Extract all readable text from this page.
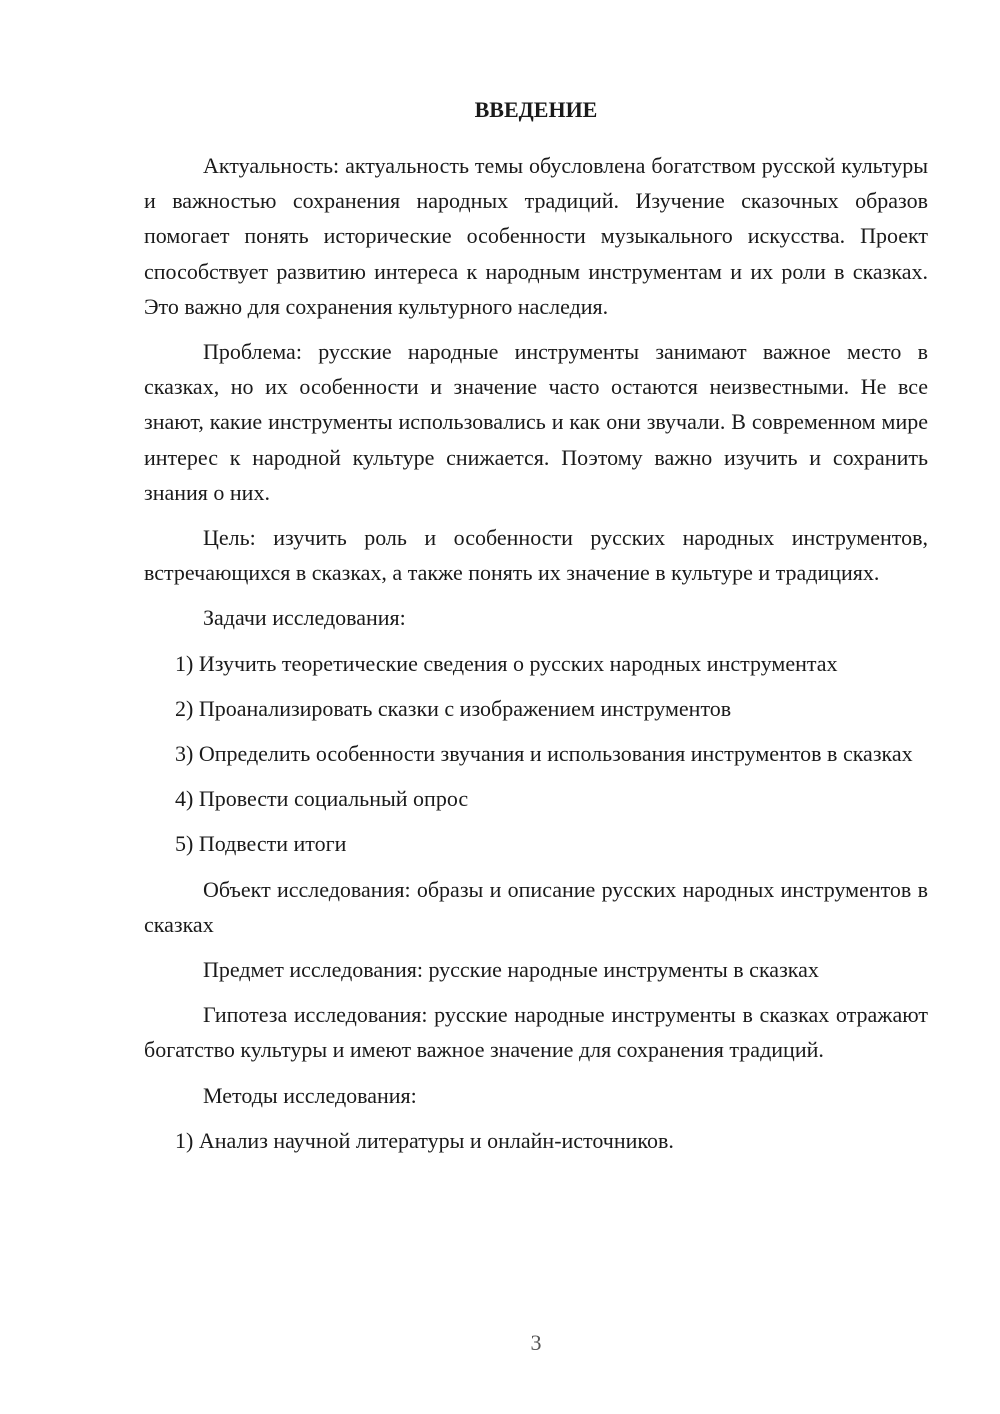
ВВЕДЕНИЕ
Актуальность: актуальность темы обусловлена богатством русской культуры и важностью сохранения народных традиций. Изучение сказочных образов помогает понять исторические особенности музыкального искусства. Проект способствует развитию интереса к народным инструментам и их роли в сказках. Это важно для сохранения культурного наследия.
Проблема: русские народные инструменты занимают важное место в сказках, но их особенности и значение часто остаются неизвестными. Не все знают, какие инструменты использовались и как они звучали. В современном мире интерес к народной культуре снижается. Поэтому важно изучить и сохранить знания о них.
Цель: изучить роль и особенности русских народных инструментов, встречающихся в сказках, а также понять их значение в культуре и традициях.
Задачи исследования:
1) Изучить теоретические сведения о русских народных инструментах
2) Проанализировать сказки с изображением инструментов
3) Определить особенности звучания и использования инструментов в сказках
4) Провести социальный опрос
5) Подвести итоги
Объект исследования: образы и описание русских народных инструментов в сказках
Предмет исследования: русские народные инструменты в сказках
Гипотеза исследования: русские народные инструменты в сказках отражают богатство культуры и имеют важное значение для сохранения традиций.
Методы исследования:
1) Анализ научной литературы и онлайн-источников.
3
